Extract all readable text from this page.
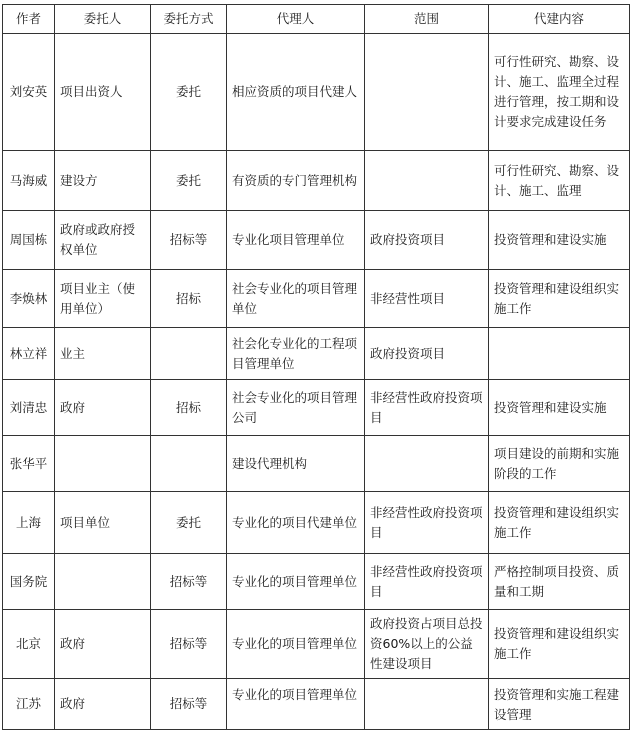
作者	委托人	委托方式	代理人	范围	代建内容
刘安英	项目出资人	委托	相应资质的项目代建人		可行性研究、勘察、设计、施工、监理全过程进行管理，按工期和设计要求完成建设任务
马海威	建设方	委托	有资质的专门管理机构		可行性研究、勘察、设计、施工、监理
周国栋	政府或政府授权单位	招标等	专业化项目管理单位	政府投资项目	投资管理和建设实施
李焕林	项目业主（使用单位）	招标	社会专业化的项目管理单位	非经营性项目	投资管理和建设组织实施工作
林立祥	业主		社会化专业化的工程项目管理单位	政府投资项目	
刘清忠	政府	招标	社会专业化的项目管理公司	非经营性政府投资项目	投资管理和建设实施
张华平			建设代理机构		项目建设的前期和实施阶段的工作
上海	项目单位	委托	专业化的项目代建单位	非经营性政府投资项目	投资管理和建设组织实施工作
国务院		招标等	专业化的项目管理单位	非经营性政府投资项目	严格控制项目投资、质量和工期
北京	政府	招标等	专业化的项目管理单位	政府投资占项目总投资60%以上的公益性建设项目	投资管理和建设组织实施工作
江苏	政府	招标等	专业化的项目管理单位		投资管理和实施工程建设管理
